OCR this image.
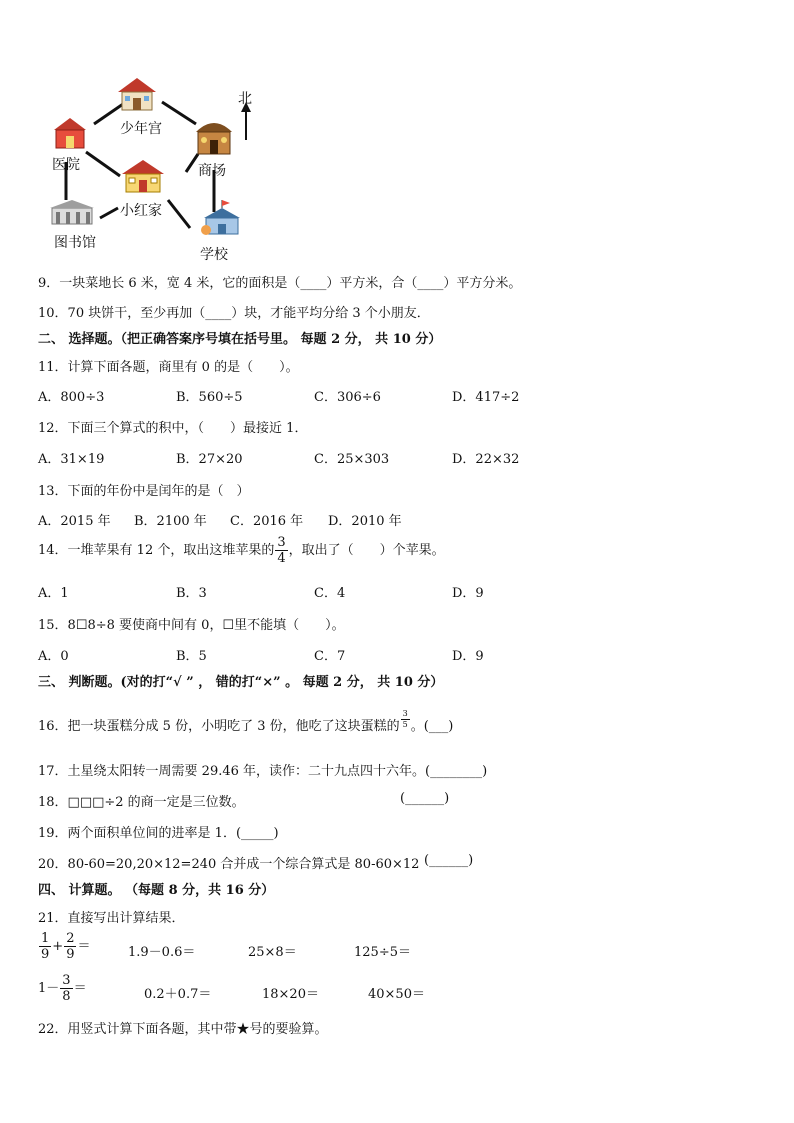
少年宫
医院	商场
小红家
图书馆
学校
北
9．一块菜地长 6 米，宽 4 米，它的面积是（____）平方米，合（____）平方分米。
10．70 块饼干，至少再加（____）块，才能平均分给 3 个小朋友．
二、 选择题。（把正确答案序号填在括号里。 每题 2 分， 共 10 分）
11．计算下面各题，商里有 0 的是（　　）。
A．800÷3	B．560÷5	C．306÷6	D．417÷2
12．下面三个算式的积中，（　　）最接近 1．
A．31×19	B．27×20	C．25×303	D．22×32
13．下面的年份中是闰年的是（　）
A．2015 年 B．2100 年 C．2016 年 D．2010 年
14．一堆苹果有 12 个，取出这堆苹果的 $\frac{3}{4}$ ，取出了（　　）个苹果。
A．1	B．3	C．4	D．9
15．8☐8÷8 要使商中间有 0，☐里不能填（　　）。
A．0	B．5	C．7	D．9
三、 判断题。(对的打“√ ” ， 错的打“×” 。 每题 2 分， 共 10 分）
16．把一块蛋糕分成 5 份，小明吃了 3 份，他吃了这块蛋糕的 $\frac{3}{5}$ 。(___)
17．土星绕太阳转一周需要 29.46 年，读作：二十九点四十六年。(________)
18．□□□÷2 的商一定是三位数。	(______)
19．两个面积单位间的进率是 1．(_____)
20．80-60=20,20×12=240 合并成一个综合算式是 80-60×12 (______)
四、 计算题。 （每题 8 分，共 16 分）
21．直接写出计算结果．
$\frac{1}{9} + \frac{2}{9}$ ＝	1.9－0.6＝	25×8＝	125÷5＝
$1- \frac{3}{8}$ ＝	0.2＋0.7＝	18×20＝	40×50＝
22．用竖式计算下面各题，其中带★号的要验算。
